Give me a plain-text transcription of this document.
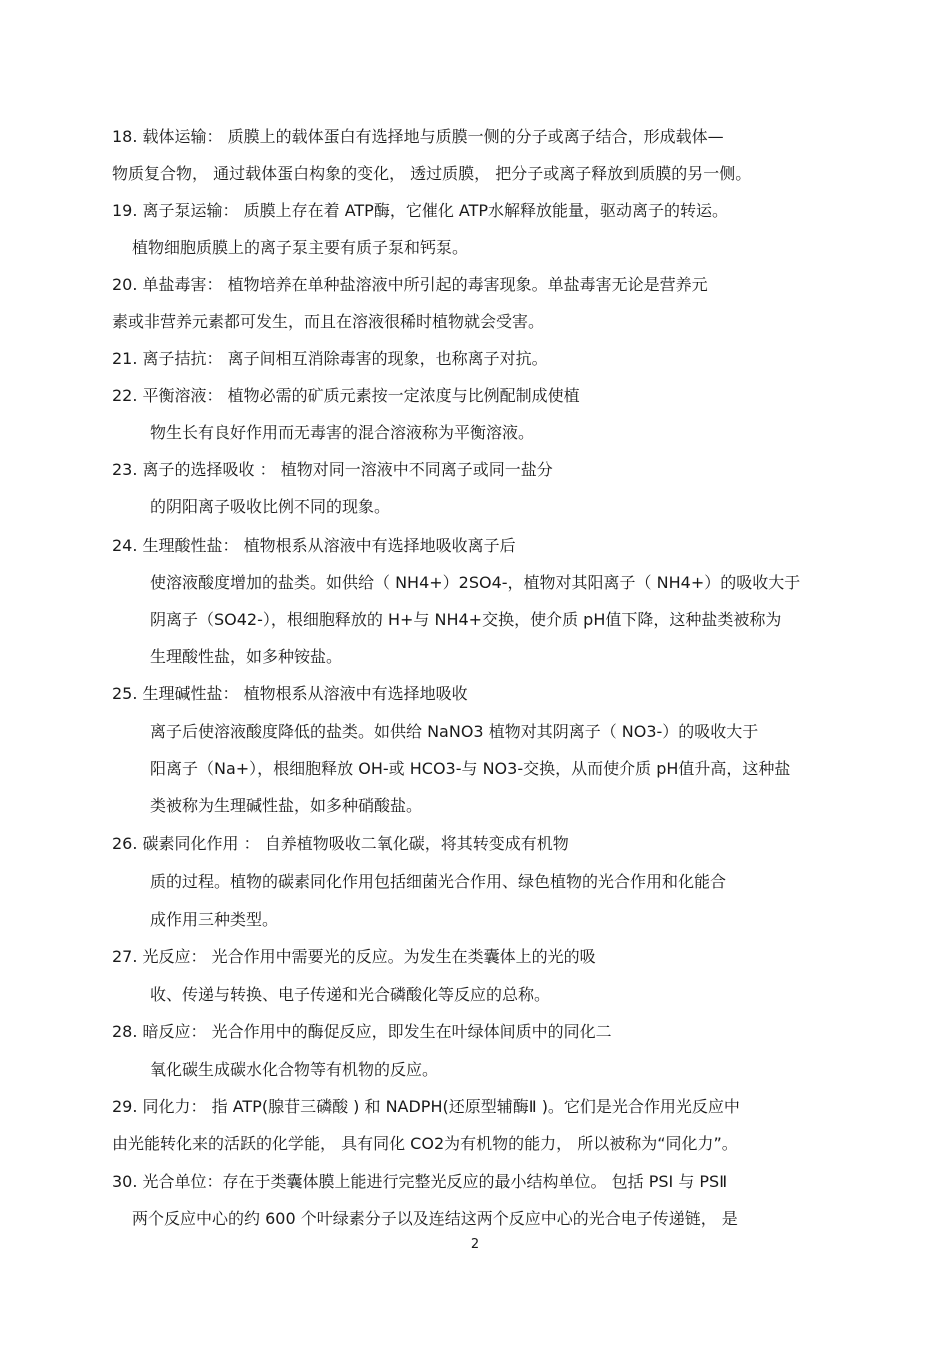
18. 载体运输： 质膜上的载体蛋白有选择地与质膜一侧的分子或离子结合，形成载体—
物质复合物， 通过载体蛋白构象的变化， 透过质膜， 把分子或离子释放到质膜的另一侧。
19. 离子泵运输： 质膜上存在着 ATP酶，它催化 ATP水解释放能量，驱动离子的转运。
植物细胞质膜上的离子泵主要有质子泵和钙泵。
20. 单盐毒害： 植物培养在单种盐溶液中所引起的毒害现象。单盐毒害无论是营养元
素或非营养元素都可发生，而且在溶液很稀时植物就会受害。
21. 离子拮抗： 离子间相互消除毒害的现象，也称离子对抗。
22. 平衡溶液： 植物必需的矿质元素按一定浓度与比例配制成使植
物生长有良好作用而无毒害的混合溶液称为平衡溶液。
23. 离子的选择吸收 ： 植物对同一溶液中不同离子或同一盐分
的阴阳离子吸收比例不同的现象。
24. 生理酸性盐： 植物根系从溶液中有选择地吸收离子后
使溶液酸度增加的盐类。如供给（ NH4+）2SO4-，植物对其阳离子（ NH4+）的吸收大于
阴离子（SO42-），根细胞释放的 H+与 NH4+交换，使介质 pH值下降，这种盐类被称为
生理酸性盐，如多种铵盐。
25. 生理碱性盐： 植物根系从溶液中有选择地吸收
离子后使溶液酸度降低的盐类。如供给 NaNO3 植物对其阴离子（ NO3-）的吸收大于
阳离子（Na+），根细胞释放 OH-或 HCO3-与 NO3-交换，从而使介质 pH值升高，这种盐
类被称为生理碱性盐，如多种硝酸盐。
26. 碳素同化作用 ： 自养植物吸收二氧化碳，将其转变成有机物
质的过程。植物的碳素同化作用包括细菌光合作用、绿色植物的光合作用和化能合
成作用三种类型。
27. 光反应： 光合作用中需要光的反应。为发生在类囊体上的光的吸
收、传递与转换、电子传递和光合磷酸化等反应的总称。
28. 暗反应： 光合作用中的酶促反应，即发生在叶绿体间质中的同化二
氧化碳生成碳水化合物等有机物的反应。
29. 同化力： 指 ATP(腺苷三磷酸 ) 和 NADPH(还原型辅酶Ⅱ )。它们是光合作用光反应中
由光能转化来的活跃的化学能， 具有同化 CO2为有机物的能力， 所以被称为“同化力”。
30. 光合单位：存在于类囊体膜上能进行完整光反应的最小结构单位。 包括 PSⅠ 与 PSⅡ
两个反应中心的约 600 个叶绿素分子以及连结这两个反应中心的光合电子传递链， 是
2
